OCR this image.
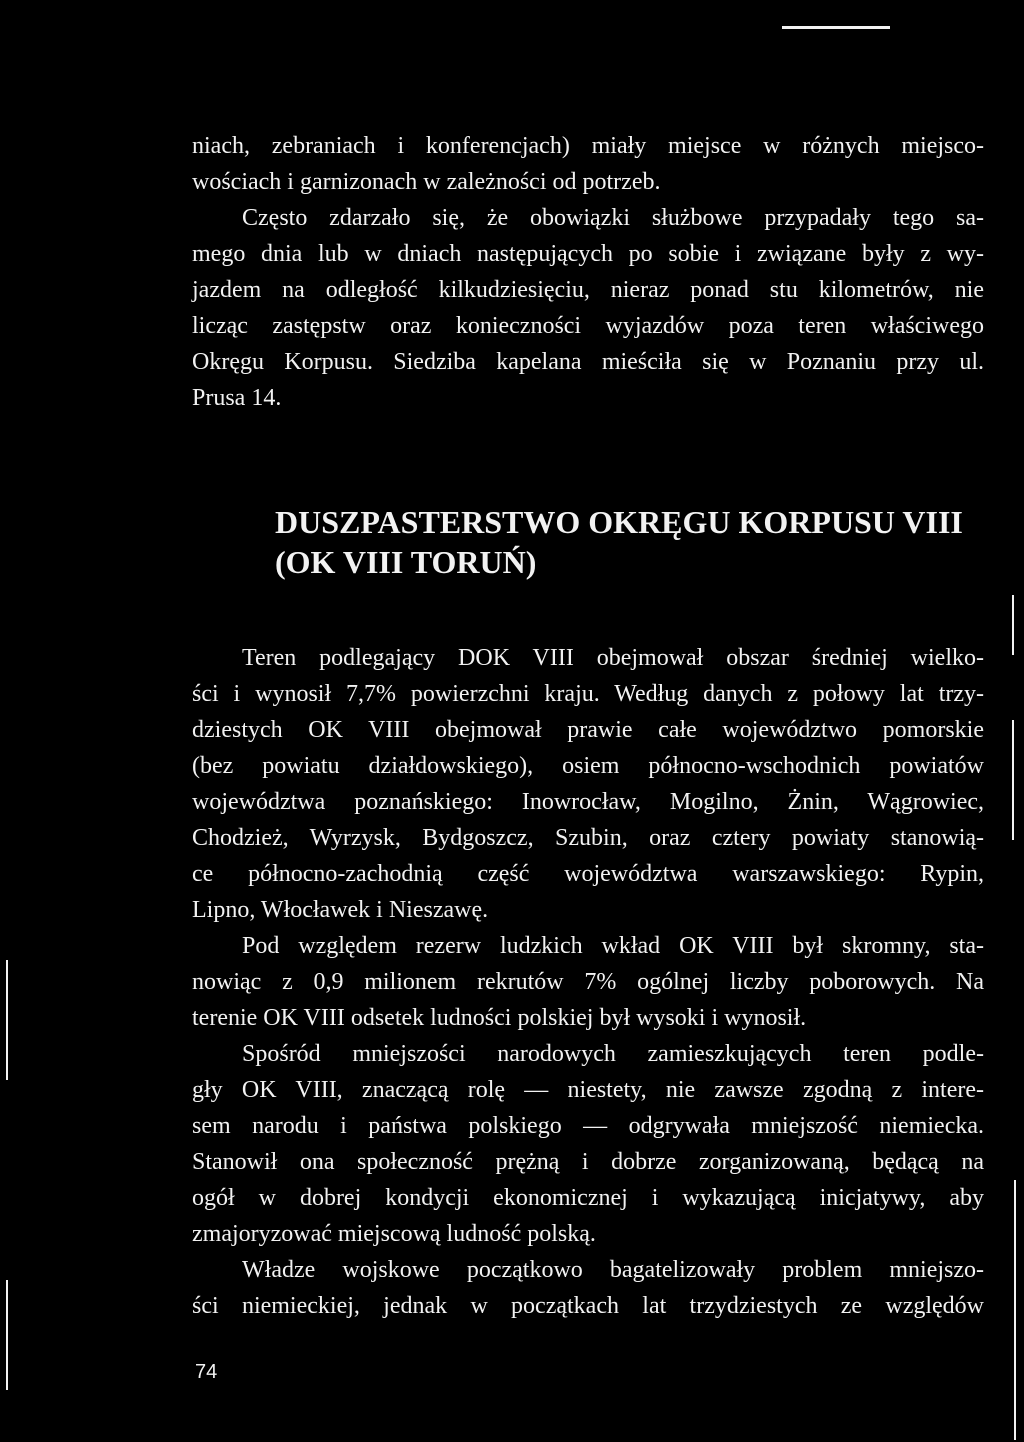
niach, zebraniach i konferencjach) miały miejsce w różnych miejsco-
wościach i garnizonach w zależności od potrzeb.
Często zdarzało się, że obowiązki służbowe przypadały tego sa-
mego dnia lub w dniach następujących po sobie i związane były z wy-
jazdem na odległość kilkudziesięciu, nieraz ponad stu kilometrów, nie
licząc zastępstw oraz konieczności wyjazdów poza teren właściwego
Okręgu Korpusu. Siedziba kapelana mieściła się w Poznaniu przy ul.
Prusa 14.
DUSZPASTERSTWO OKRĘGU KORPUSU VIII
(OK VIII TORUŃ)
Teren podlegający DOK VIII obejmował obszar średniej wielko-
ści i wynosił 7,7% powierzchni kraju. Według danych z połowy lat trzy-
dziestych OK VIII obejmował prawie całe województwo pomorskie
(bez powiatu działdowskiego), osiem północno-wschodnich powiatów
województwa poznańskiego: Inowrocław, Mogilno, Żnin, Wągrowiec,
Chodzież, Wyrzysk, Bydgoszcz, Szubin, oraz cztery powiaty stanowią-
ce północno-zachodnią część województwa warszawskiego: Rypin,
Lipno, Włocławek i Nieszawę.
Pod względem rezerw ludzkich wkład OK VIII był skromny, sta-
nowiąc z 0,9 milionem rekrutów 7% ogólnej liczby poborowych. Na
terenie OK VIII odsetek ludności polskiej był wysoki i wynosił.
Spośród mniejszości narodowych zamieszkujących teren podle-
gły OK VIII, znaczącą rolę — niestety, nie zawsze zgodną z intere-
sem narodu i państwa polskiego — odgrywała mniejszość niemiecka.
Stanowił ona społeczność prężną i dobrze zorganizowaną, będącą na
ogół w dobrej kondycji ekonomicznej i wykazującą inicjatywy, aby
zmajoryzować miejscową ludność polską.
Władze wojskowe początkowo bagatelizowały problem mniejszo-
ści niemieckiej, jednak w początkach lat trzydziestych ze względów
74
